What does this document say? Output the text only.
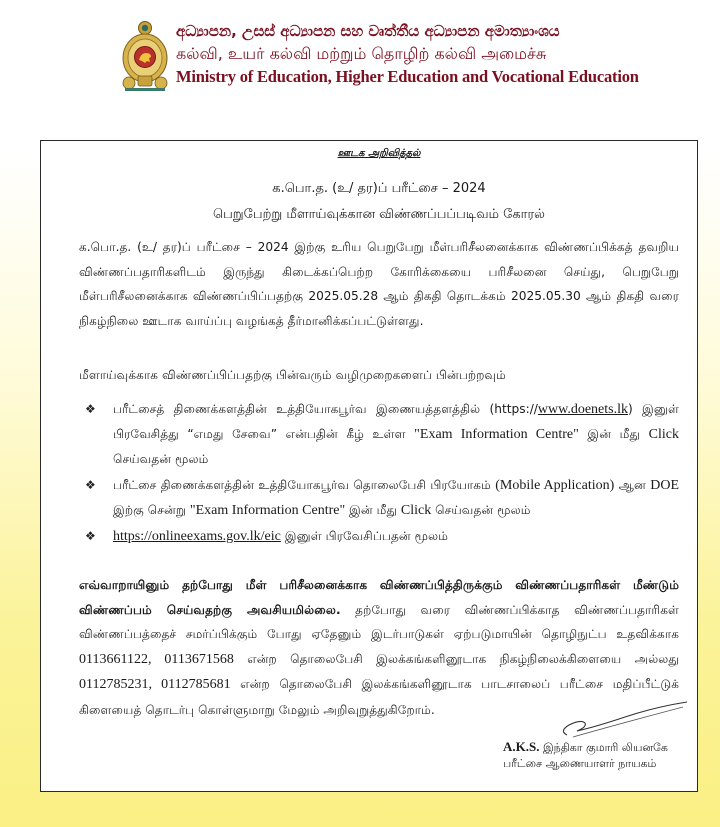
අධ්‍යාපන, උසස් අධ්‍යාපන සහ වෘත්තීය අධ්‍යාපන අමාත්‍යාංශය
கல்வி, உயர் கல்வி மற்றும் தொழிற் கல்வி அமைச்சு
Ministry of Education, Higher Education and Vocational Education
ஊடக அறிவித்தல்
க.பொ.த. (உ/ தர)ப் பரீட்சை – 2024
பெறுபேற்று மீளாய்வுக்கான விண்ணப்பப்படிவம் கோரல்
க.பொ.த. (உ/ தர)ப் பரீட்சை – 2024 இற்கு உரிய பெறுபேறு மீள்பரிசீலனைக்காக விண்ணப்பிக்கத் தவறிய விண்ணப்பதாரிகளிடம் இருந்து கிடைக்கப்பெற்ற கோரிக்கையை பரிசீலனை செய்து, பெறுபேறு மீள்பரிசீலனைக்காக விண்ணப்பிப்பதற்கு 2025.05.28 ஆம் திகதி தொடக்கம் 2025.05.30 ஆம் திகதி வரை நிகழ்நிலை ஊடாக வாய்ப்பு வழங்கத் தீர்மானிக்கப்பட்டுள்ளது.
மீளாய்வுக்காக விண்ணப்பிப்பதற்கு பின்வரும் வழிமுறைகளைப் பின்பற்றவும்
❖ பரீட்சைத் திணைக்களத்தின் உத்தியோகபூர்வ இணையத்தளத்தில் (https://www.doenets.lk) இனுள் பிரவேசித்து “எமது சேவை” என்பதின் கீழ் உள்ள "Exam Information Centre" இன் மீது Click செய்வதன் மூலம்
❖ பரீட்சை திணைக்களத்தின் உத்தியோகபூர்வ தொலைபேசி பிரயோகம் (Mobile Application) ஆன DOE இற்கு சென்று "Exam Information Centre" இன் மீது Click செய்வதன் மூலம்
❖ https://onlineexams.gov.lk/eic இனுள் பிரவேசிப்பதன் மூலம்
எவ்வாறாயினும் தற்போது மீள் பரிசீலனைக்காக விண்ணப்பித்திருக்கும் விண்ணப்பதாரிகள் மீண்டும் விண்ணப்பம் செய்வதற்கு அவசியமில்லை. தற்போது வரை விண்ணப்பிக்காத விண்ணப்பதாரிகள் விண்ணப்பத்தைச் சமர்ப்பிக்கும் போது ஏதேனும் இடர்பாடுகள் ஏற்படுமாயின் தொழிநுட்ப உதவிக்காக 0113661122, 0113671568 என்ற தொலைபேசி இலக்கங்களினூடாக நிகழ்நிலைக்கிளையை அல்லது 0112785231, 0112785681 என்ற தொலைபேசி இலக்கங்களினூடாக பாடசாலைப் பரீட்சை மதிப்பீட்டுக் கிளையைத் தொடர்பு கொள்ளுமாறு மேலும் அறிவுறுத்துகிறோம்.
A.K.S. இந்திகா குமாரி லியனகே
பரீட்சை ஆணையாளர் நாயகம்
